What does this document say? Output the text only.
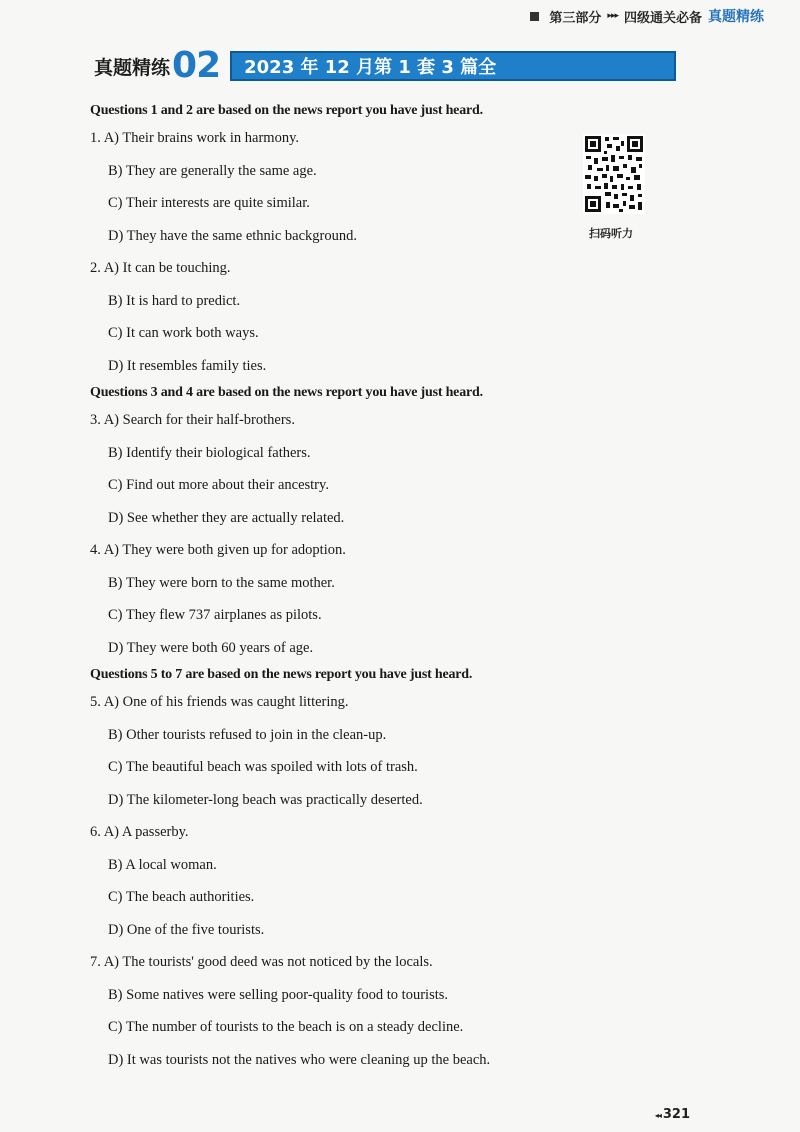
第三部分 ▸▸▸ 四级通关必备 真题精练
真题精练 02 2023 年 12 月第 1 套 3 篇全
扫码听力

Questions 1 and 2 are based on the news report you have just heard.

1. A) Their brains work in harmony.
B) They are generally the same age.
C) Their interests are quite similar.
D) They have the same ethnic background.
2. A) It can be touching.
B) It is hard to predict.
C) It can work both ways.
D) It resembles family ties.

Questions 3 and 4 are based on the news report you have just heard.

3. A) Search for their half-brothers.
B) Identify their biological fathers.
C) Find out more about their ancestry.
D) See whether they are actually related.
4. A) They were both given up for adoption.
B) They were born to the same mother.
C) They flew 737 airplanes as pilots.
D) They were both 60 years of age.

Questions 5 to 7 are based on the news report you have just heard.

5. A) One of his friends was caught littering.
B) Other tourists refused to join in the clean-up.
C) The beautiful beach was spoiled with lots of trash.
D) The kilometer-long beach was practically deserted.
6. A) A passerby.
B) A local woman.
C) The beach authorities.
D) One of the five tourists.
7. A) The tourists' good deed was not noticed by the locals.
B) Some natives were selling poor-quality food to tourists.
C) The number of tourists to the beach is on a steady decline.
D) It was tourists not the natives who were cleaning up the beach.
◂◂ 321
